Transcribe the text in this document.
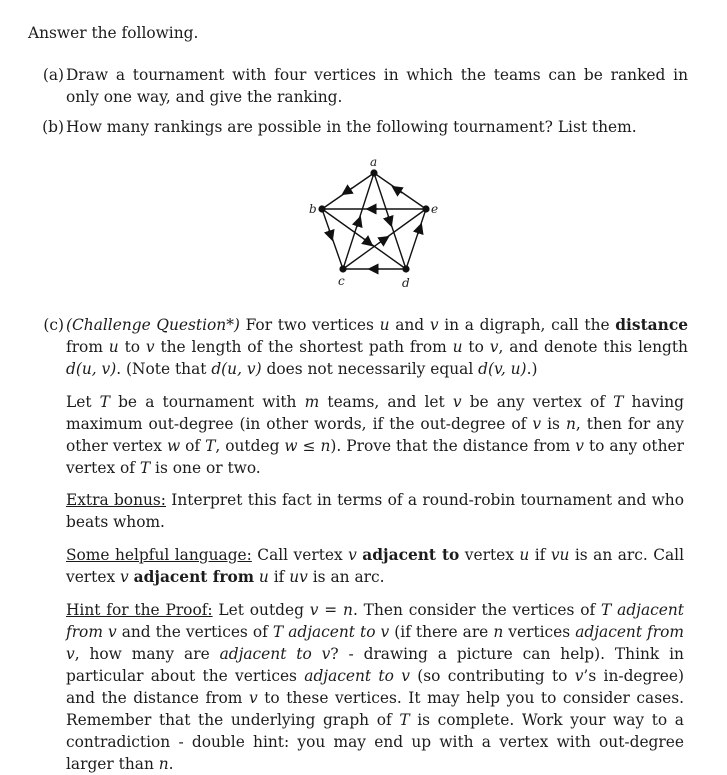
Answer the following.
(a) Draw a tournament with four vertices in which the teams can be ranked in only one way, and give the ranking.
(b) How many rankings are possible in the following tournament? List them.
a
b	e
c	d
(c) (Challenge Question*) For two vertices u and v in a digraph, call the distance from u to v the length of the shortest path from u to v, and denote this length d(u, v). (Note that d(u, v) does not necessarily equal d(v, u).)
Let T be a tournament with m teams, and let v be any vertex of T having maximum out-degree (in other words, if the out-degree of v is n, then for any other vertex w of T, outdeg w ≤ n). Prove that the distance from v to any other vertex of T is one or two.
Extra bonus: Interpret this fact in terms of a round-robin tournament and who beats whom.
Some helpful language: Call vertex v adjacent to vertex u if vu is an arc. Call vertex v adjacent from u if uv is an arc.
Hint for the Proof: Let outdeg v = n. Then consider the vertices of T adjacent from v and the vertices of T adjacent to v (if there are n vertices adjacent from v, how many are adjacent to v? - drawing a picture can help). Think in particular about the vertices adjacent to v (so contributing to v’s in-degree) and the distance from v to these vertices. It may help you to consider cases. Remember that the underlying graph of T is complete. Work your way to a contradiction - double hint: you may end up with a vertex with out-degree larger than n.
